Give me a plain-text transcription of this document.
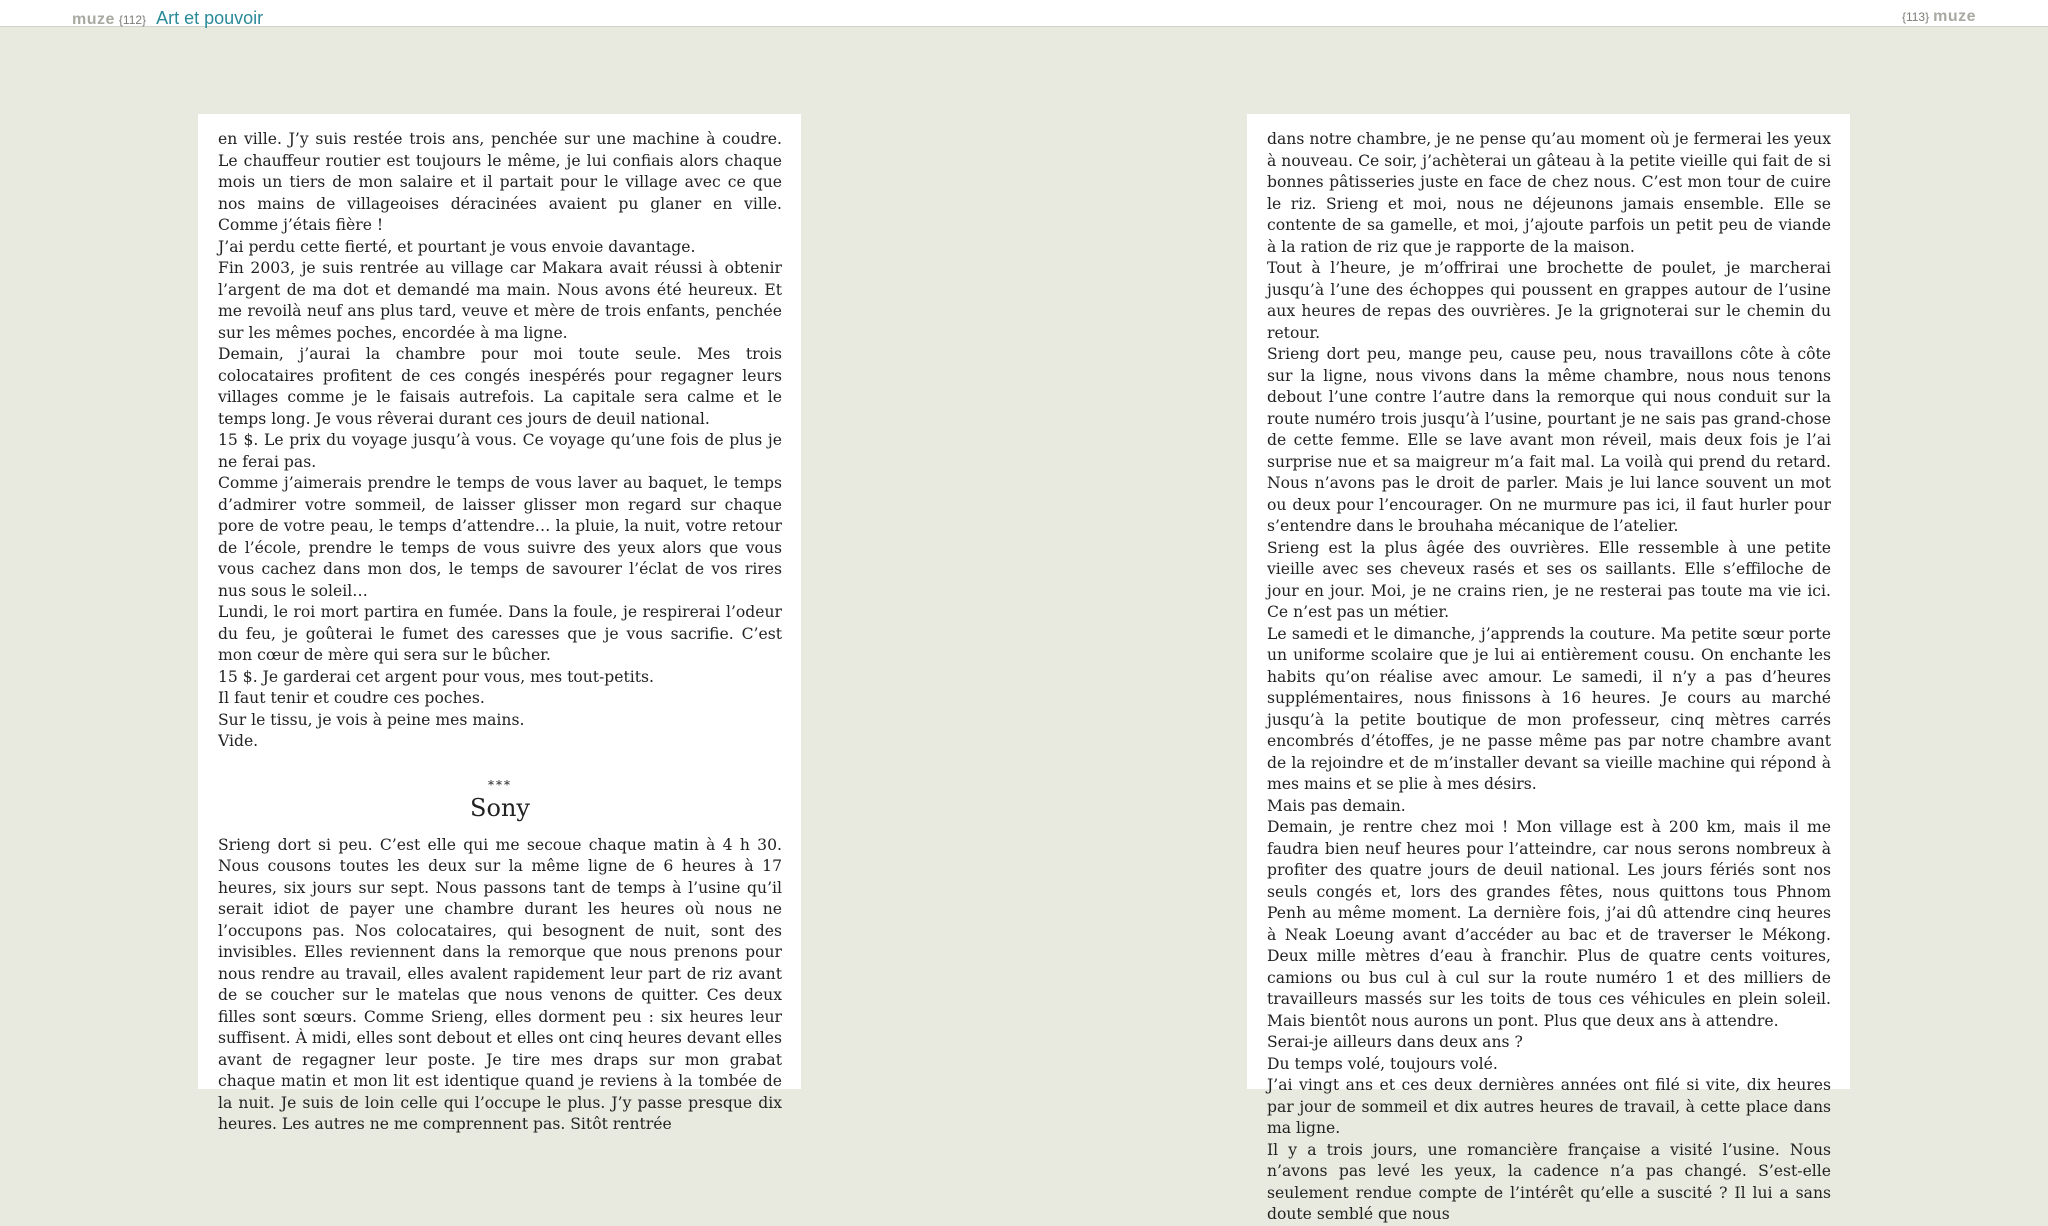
muze {112} Art et pouvoir	{113} muze

en ville. J’y suis restée trois ans, penchée sur une machine à coudre. Le chauffeur routier est toujours le même, je lui confiais alors chaque mois un tiers de mon salaire et il partait pour le village avec ce que nos mains de villageoises déracinées avaient pu glaner en ville. Comme j’étais fière !

J’ai perdu cette fierté, et pourtant je vous envoie davantage.

Fin 2003, je suis rentrée au village car Makara avait réussi à obtenir l’argent de ma dot et demandé ma main. Nous avons été heureux. Et me revoilà neuf ans plus tard, veuve et mère de trois enfants, penchée sur les mêmes poches, encordée à ma ligne.

Demain, j’aurai la chambre pour moi toute seule. Mes trois colocataires profitent de ces congés inespérés pour regagner leurs villages comme je le faisais autrefois. La capitale sera calme et le temps long. Je vous rêverai durant ces jours de deuil national.

15 $. Le prix du voyage jusqu’à vous. Ce voyage qu’une fois de plus je ne ferai pas.

Comme j’aimerais prendre le temps de vous laver au baquet, le temps d’admirer votre sommeil, de laisser glisser mon regard sur chaque pore de votre peau, le temps d’attendre… la pluie, la nuit, votre retour de l’école, prendre le temps de vous suivre des yeux alors que vous vous cachez dans mon dos, le temps de savourer l’éclat de vos rires nus sous le soleil…

Lundi, le roi mort partira en fumée. Dans la foule, je respirerai l’odeur du feu, je goûterai le fumet des caresses que je vous sacrifie. C’est mon cœur de mère qui sera sur le bûcher.

15 $. Je garderai cet argent pour vous, mes tout-petits.

Il faut tenir et coudre ces poches.

Sur le tissu, je vois à peine mes mains.

Vide.

***
Sony

Srieng dort si peu. C’est elle qui me secoue chaque matin à 4 h 30. Nous cousons toutes les deux sur la même ligne de 6 heures à 17 heures, six jours sur sept. Nous passons tant de temps à l’usine qu’il serait idiot de payer une chambre durant les heures où nous ne l’occupons pas. Nos colocataires, qui besognent de nuit, sont des invisibles. Elles reviennent dans la remorque que nous prenons pour nous rendre au travail, elles avalent rapidement leur part de riz avant de se coucher sur le matelas que nous venons de quitter. Ces deux filles sont sœurs. Comme Srieng, elles dorment peu : six heures leur suffisent. À midi, elles sont debout et elles ont cinq heures devant elles avant de regagner leur poste. Je tire mes draps sur mon grabat chaque matin et mon lit est identique quand je reviens à la tombée de la nuit. Je suis de loin celle qui l’occupe le plus. J’y passe presque dix heures. Les autres ne me comprennent pas. Sitôt rentrée

dans notre chambre, je ne pense qu’au moment où je fermerai les yeux à nouveau. Ce soir, j’achèterai un gâteau à la petite vieille qui fait de si bonnes pâtisseries juste en face de chez nous. C’est mon tour de cuire le riz. Srieng et moi, nous ne déjeunons jamais ensemble. Elle se contente de sa gamelle, et moi, j’ajoute parfois un petit peu de viande à la ration de riz que je rapporte de la maison.

Tout à l’heure, je m’offrirai une brochette de poulet, je marcherai jusqu’à l’une des échoppes qui poussent en grappes autour de l’usine aux heures de repas des ouvrières. Je la grignoterai sur le chemin du retour.

Srieng dort peu, mange peu, cause peu, nous travaillons côte à côte sur la ligne, nous vivons dans la même chambre, nous nous tenons debout l’une contre l’autre dans la remorque qui nous conduit sur la route numéro trois jusqu’à l’usine, pourtant je ne sais pas grand-chose de cette femme. Elle se lave avant mon réveil, mais deux fois je l’ai surprise nue et sa maigreur m’a fait mal. La voilà qui prend du retard. Nous n’avons pas le droit de parler. Mais je lui lance souvent un mot ou deux pour l’encourager. On ne murmure pas ici, il faut hurler pour s’entendre dans le brouhaha mécanique de l’atelier.

Srieng est la plus âgée des ouvrières. Elle ressemble à une petite vieille avec ses cheveux rasés et ses os saillants. Elle s’effiloche de jour en jour. Moi, je ne crains rien, je ne resterai pas toute ma vie ici. Ce n’est pas un métier.

Le samedi et le dimanche, j’apprends la couture. Ma petite sœur porte un uniforme scolaire que je lui ai entièrement cousu. On enchante les habits qu’on réalise avec amour. Le samedi, il n’y a pas d’heures supplémentaires, nous finissons à 16 heures. Je cours au marché jusqu’à la petite boutique de mon professeur, cinq mètres carrés encombrés d’étoffes, je ne passe même pas par notre chambre avant de la rejoindre et de m’installer devant sa vieille machine qui répond à mes mains et se plie à mes désirs.

Mais pas demain.

Demain, je rentre chez moi ! Mon village est à 200 km, mais il me faudra bien neuf heures pour l’atteindre, car nous serons nombreux à profiter des quatre jours de deuil national. Les jours fériés sont nos seuls congés et, lors des grandes fêtes, nous quittons tous Phnom Penh au même moment. La dernière fois, j’ai dû attendre cinq heures à Neak Loeung avant d’accéder au bac et de traverser le Mékong. Deux mille mètres d’eau à franchir. Plus de quatre cents voitures, camions ou bus cul à cul sur la route numéro 1 et des milliers de travailleurs massés sur les toits de tous ces véhicules en plein soleil. Mais bientôt nous aurons un pont. Plus que deux ans à attendre.

Serai-je ailleurs dans deux ans ?

Du temps volé, toujours volé.

J’ai vingt ans et ces deux dernières années ont filé si vite, dix heures par jour de sommeil et dix autres heures de travail, à cette place dans ma ligne.

Il y a trois jours, une romancière française a visité l’usine. Nous n’avons pas levé les yeux, la cadence n’a pas changé. S’est-elle seulement rendue compte de l’intérêt qu’elle a suscité ? Il lui a sans doute semblé que nous
